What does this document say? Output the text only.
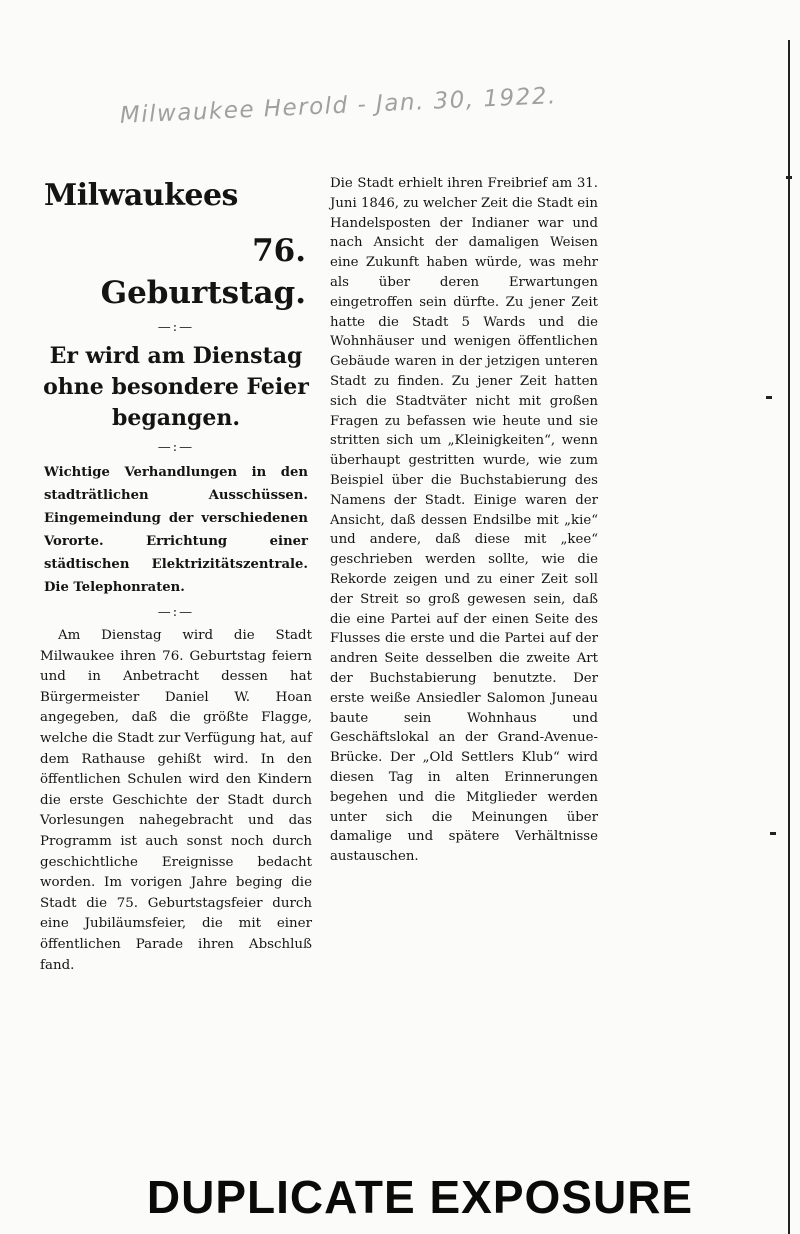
Milwaukee Herold - Jan. 30, 1922.
Milwaukees
76. Geburtstag.
—:—
Er wird am Dienstag ohne besondere Feier begangen.
—:—
Wichtige Verhandlungen in den stadträtlichen Ausschüssen. Eingemeindung der verschiedenen Vororte. Errichtung einer städtischen Elektrizitätszentrale. Die Telephonraten.
—:—
Am Dienstag wird die Stadt Milwaukee ihren 76. Geburtstag feiern und in Anbetracht dessen hat Bürgermeister Daniel W. Hoan angegeben, daß die größte Flagge, welche die Stadt zur Verfügung hat, auf dem Rathause gehißt wird. In den öffentlichen Schulen wird den Kindern die erste Geschichte der Stadt durch Vorlesungen nahegebracht und das Programm ist auch sonst noch durch geschichtliche Ereignisse bedacht worden. Im vorigen Jahre beging die Stadt die 75. Geburtstagsfeier durch eine Jubiläumsfeier, die mit einer öffentlichen Parade ihren Abschluß fand.
Die Stadt erhielt ihren Freibrief am 31. Juni 1846, zu welcher Zeit die Stadt ein Handelsposten der Indianer war und nach Ansicht der damaligen Weisen eine Zukunft haben würde, was mehr als über deren Erwartungen eingetroffen sein dürfte. Zu jener Zeit hatte die Stadt 5 Wards und die Wohnhäuser und wenigen öffentlichen Gebäude waren in der jetzigen unteren Stadt zu finden. Zu jener Zeit hatten sich die Stadtväter nicht mit großen Fragen zu befassen wie heute und sie stritten sich um „Kleinigkeiten“, wenn überhaupt gestritten wurde, wie zum Beispiel über die Buchstabierung des Namens der Stadt. Einige waren der Ansicht, daß dessen Endsilbe mit „kie“ und andere, daß diese mit „kee“ geschrieben werden sollte, wie die Rekorde zeigen und zu einer Zeit soll der Streit so groß gewesen sein, daß die eine Partei auf der einen Seite des Flusses die erste und die Partei auf der andren Seite desselben die zweite Art der Buchstabierung benutzte. Der erste weiße Ansiedler Salomon Juneau baute sein Wohnhaus und Geschäftslokal an der Grand-Avenue-Brücke. Der „Old Settlers Klub“ wird diesen Tag in alten Erinnerungen begehen und die Mitglieder werden unter sich die Meinungen über damalige und spätere Verhältnisse austauschen.
DUPLICATE EXPOSURE
